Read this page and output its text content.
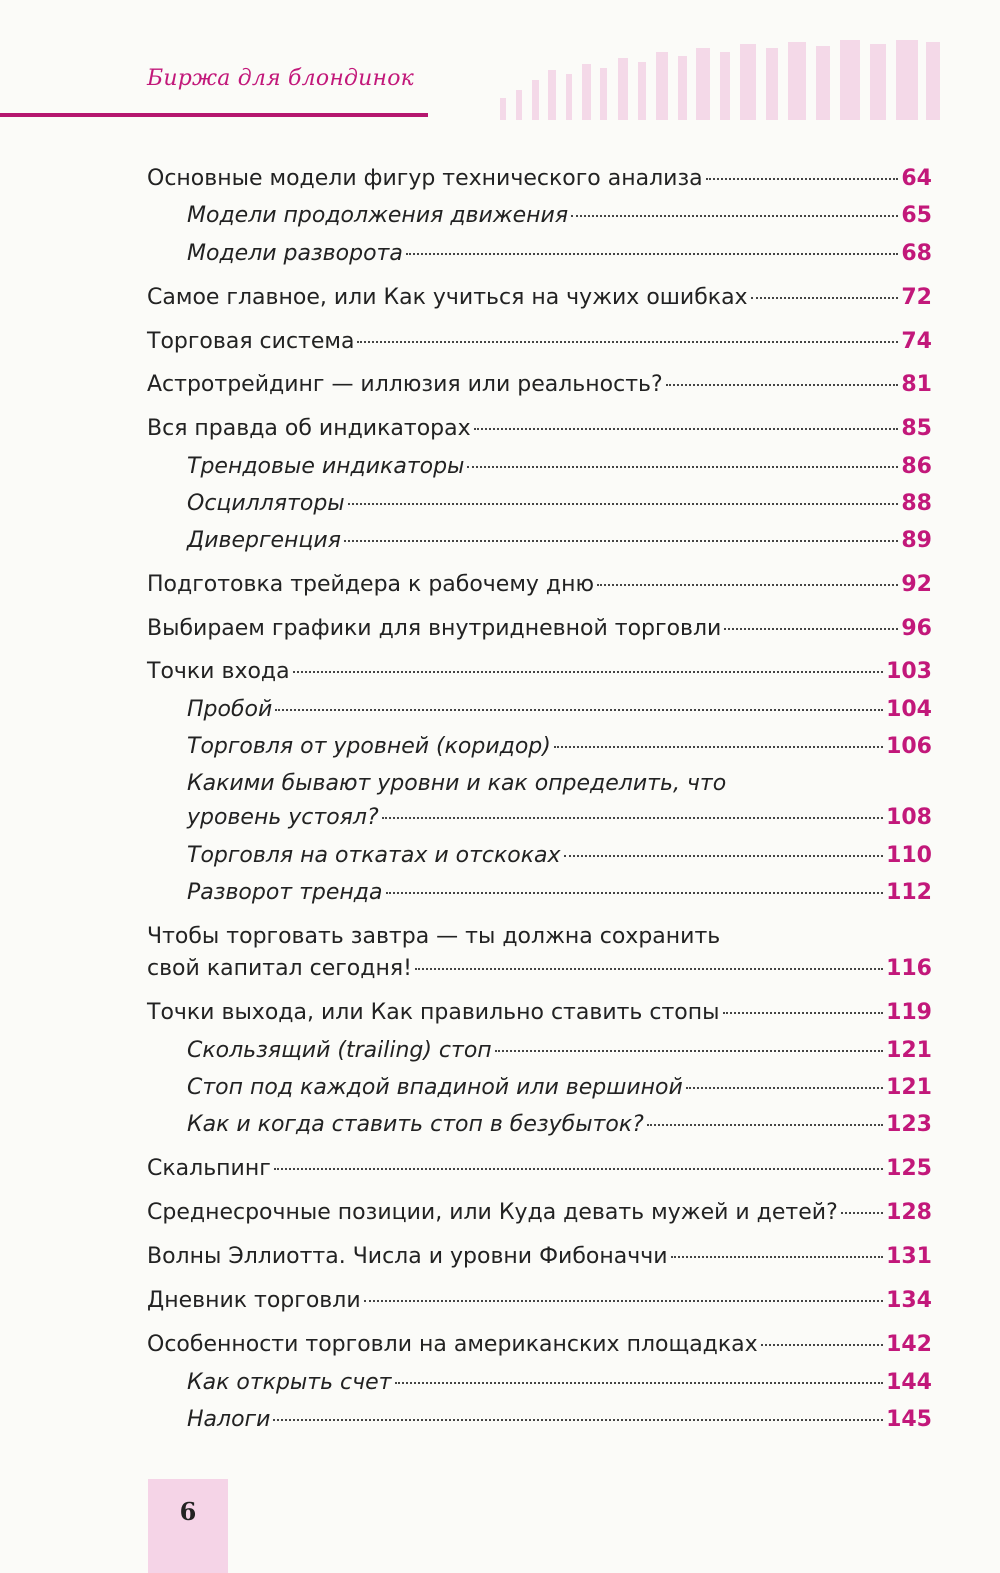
Биржа для блондинок
Основные модели фигур технического анализа	64
Модели продолжения движения	65
Модели разворота	68
Самое главное, или Как учиться на чужих ошибках	72
Торговая система	74
Астротрейдинг — иллюзия или реальность?	81
Вся правда об индикаторах	85
Трендовые индикаторы	86
Осцилляторы	88
Дивергенция	89
Подготовка трейдера к рабочему дню	92
Выбираем графики для внутридневной торговли	96
Точки входа	103
Пробой	104
Торговля от уровней (коридор)	106
Какими бывают уровни и как определить, что
уровень устоял?	108
Торговля на откатах и отскоках	110
Разворот тренда	112
Чтобы торговать завтра — ты должна сохранить
свой капитал сегодня!	116
Точки выхода, или Как правильно ставить стопы	119
Скользящий (trailing) стоп	121
Стоп под каждой впадиной или вершиной	121
Как и когда ставить стоп в безубыток?	123
Скальпинг	125
Среднесрочные позиции, или Куда девать мужей и детей? 128
Волны Эллиотта. Числа и уровни Фибоначчи	131
Дневник торговли	134
Особенности торговли на американских площадках	142
Как открыть счет	144
Налоги	145
6
